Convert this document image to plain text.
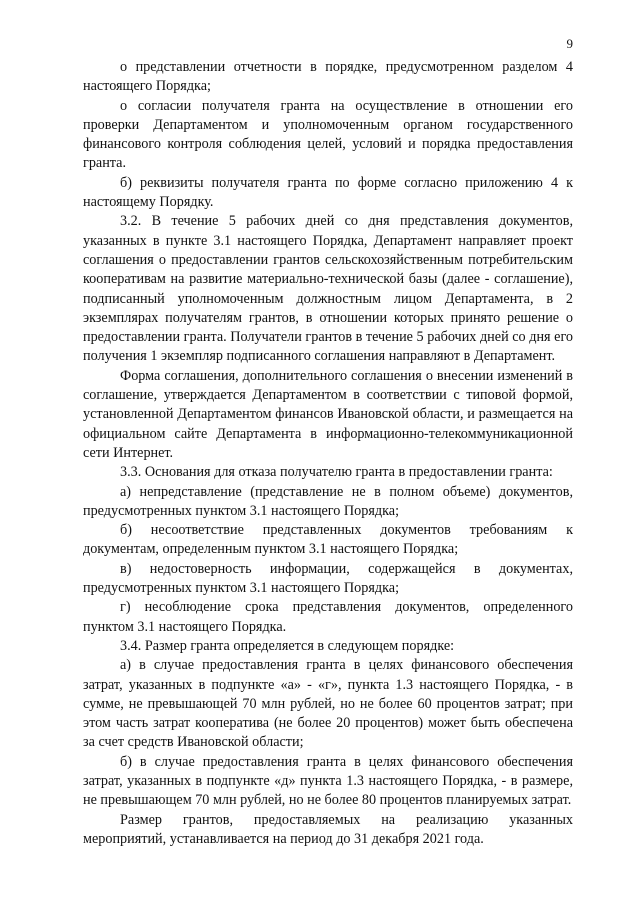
9

о представлении отчетности в порядке, предусмотренном разделом 4 настоящего Порядка;

о согласии получателя гранта на осуществление в отношении его проверки Департаментом и уполномоченным органом государственного финансового контроля соблюдения целей, условий и порядка предоставления гранта.

б) реквизиты получателя гранта по форме согласно приложению 4 к настоящему Порядку.

3.2. В течение 5 рабочих дней со дня представления документов, указанных в пункте 3.1 настоящего Порядка, Департамент направляет проект соглашения о предоставлении грантов сельскохозяйственным потребительским кооперативам на развитие материально-технической базы (далее - соглашение), подписанный уполномоченным должностным лицом Департамента, в 2 экземплярах получателям грантов, в отношении которых принято решение о предоставлении гранта. Получатели грантов в течение 5 рабочих дней со дня его получения 1 экземпляр подписанного соглашения направляют в Департамент.

Форма соглашения, дополнительного соглашения о внесении изменений в соглашение, утверждается Департаментом в соответствии с типовой формой, установленной Департаментом финансов Ивановской области, и размещается на официальном сайте Департамента в информационно-телекоммуникационной сети Интернет.

3.3. Основания для отказа получателю гранта в предоставлении гранта:

а) непредставление (представление не в полном объеме) документов, предусмотренных пунктом 3.1 настоящего Порядка;

б) несоответствие представленных документов требованиям к документам, определенным пунктом 3.1 настоящего Порядка;

в) недостоверность информации, содержащейся в документах, предусмотренных пунктом 3.1 настоящего Порядка;

г) несоблюдение срока представления документов, определенного пунктом 3.1 настоящего Порядка.

3.4. Размер гранта определяется в следующем порядке:

а) в случае предоставления гранта в целях финансового обеспечения затрат, указанных в подпункте «а» - «г», пункта 1.3 настоящего Порядка, - в сумме, не превышающей 70 млн рублей, но не более 60 процентов затрат; при этом часть затрат кооператива (не более 20 процентов) может быть обеспечена за счет средств Ивановской области;

б) в случае предоставления гранта в целях финансового обеспечения затрат, указанных в подпункте «д» пункта 1.3 настоящего Порядка, - в размере, не превышающем 70 млн рублей, но не более 80 процентов планируемых затрат.

Размер грантов, предоставляемых на реализацию указанных мероприятий, устанавливается на период до 31 декабря 2021 года.
